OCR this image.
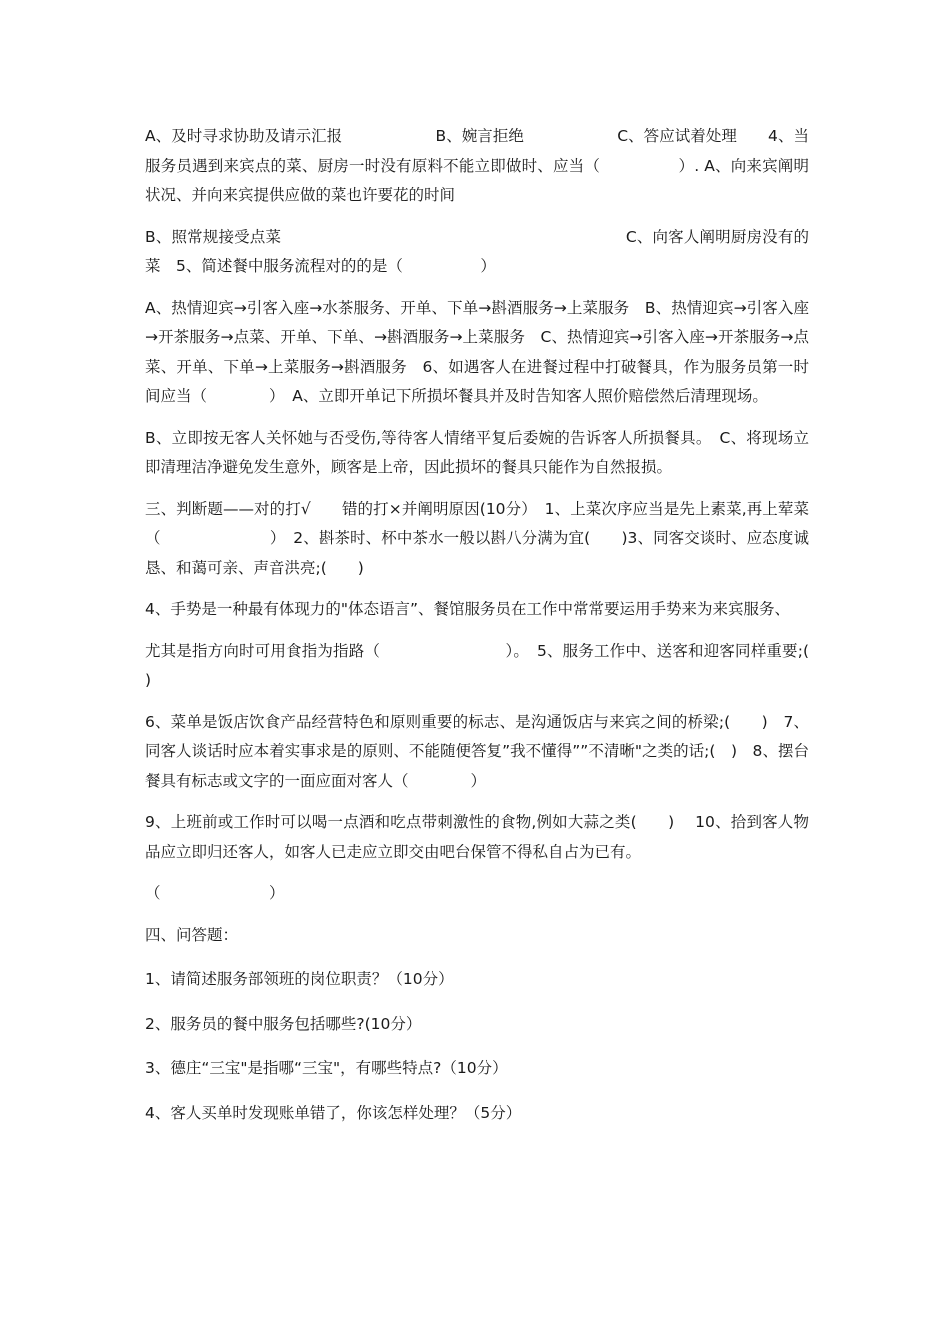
A、及时寻求协助及请示汇报　　　　　　B、婉言拒绝　　　　　　C、答应试着处理　　4、当服务员遇到来宾点的菜、厨房一时没有原料不能立即做时、应当（　　　　　）. A、向来宾阐明状况、并向来宾提供应做的菜也许要花的时间

B、照常规接受点菜　　　　　　　　　　　　　　　　　　　　　　C、向客人阐明厨房没有的菜　5、简述餐中服务流程对的的是（　　　　　）

A、热情迎宾→引客入座→水茶服务、开单、下单→斟酒服务→上菜服务　B、热情迎宾→引客入座→开茶服务→点菜、开单、下单、→斟酒服务→上菜服务　C、热情迎宾→引客入座→开茶服务→点菜、开单、下单→上菜服务→斟酒服务　6、如遇客人在进餐过程中打破餐具，作为服务员第一时间应当（　　　　）　A、立即开单记下所损坏餐具并及时告知客人照价赔偿然后清理现场。

B、立即按无客人关怀她与否受伤,等待客人情绪平复后委婉的告诉客人所损餐具。　C、将现场立即清理洁净避免发生意外，顾客是上帝，因此损坏的餐具只能作为自然报损。

三、判断题——对的打√　　错的打×并阐明原因(10分）　1、上菜次序应当是先上素菜,再上荤菜（　　　　　　　）　2、斟茶时、杯中茶水一般以斟八分满为宜(　　)3、同客交谈时、应态度诚恳、和蔼可亲、声音洪亮;(　　)

4、手势是一种最有体现力的"体态语言”、餐馆服务员在工作中常常要运用手势来为来宾服务、

尤其是指方向时可用食指为指路（　　　　　　　　）。　5、服务工作中、送客和迎客同样重要;(　　)

6、菜单是饭店饮食产品经营特色和原则重要的标志、是沟通饭店与来宾之间的桥梁;(　　)　7、同客人谈话时应本着实事求是的原则、不能随便答复”我不懂得””不清晰"之类的话;(　)　8、摆台餐具有标志或文字的一面应面对客人（　　　　）

9、上班前或工作时可以喝一点酒和吃点带刺激性的食物,例如大蒜之类(　　)　 10、拾到客人物品应立即归还客人，如客人已走应立即交由吧台保管不得私自占为已有。

（　　　　　　　）

四、问答题：

1、请简述服务部领班的岗位职责？（10分）

2、服务员的餐中服务包括哪些?(10分）

3、德庄“三宝"是指哪“三宝"，有哪些特点?（10分）

4、客人买单时发现账单错了，你该怎样处理？（5分）
